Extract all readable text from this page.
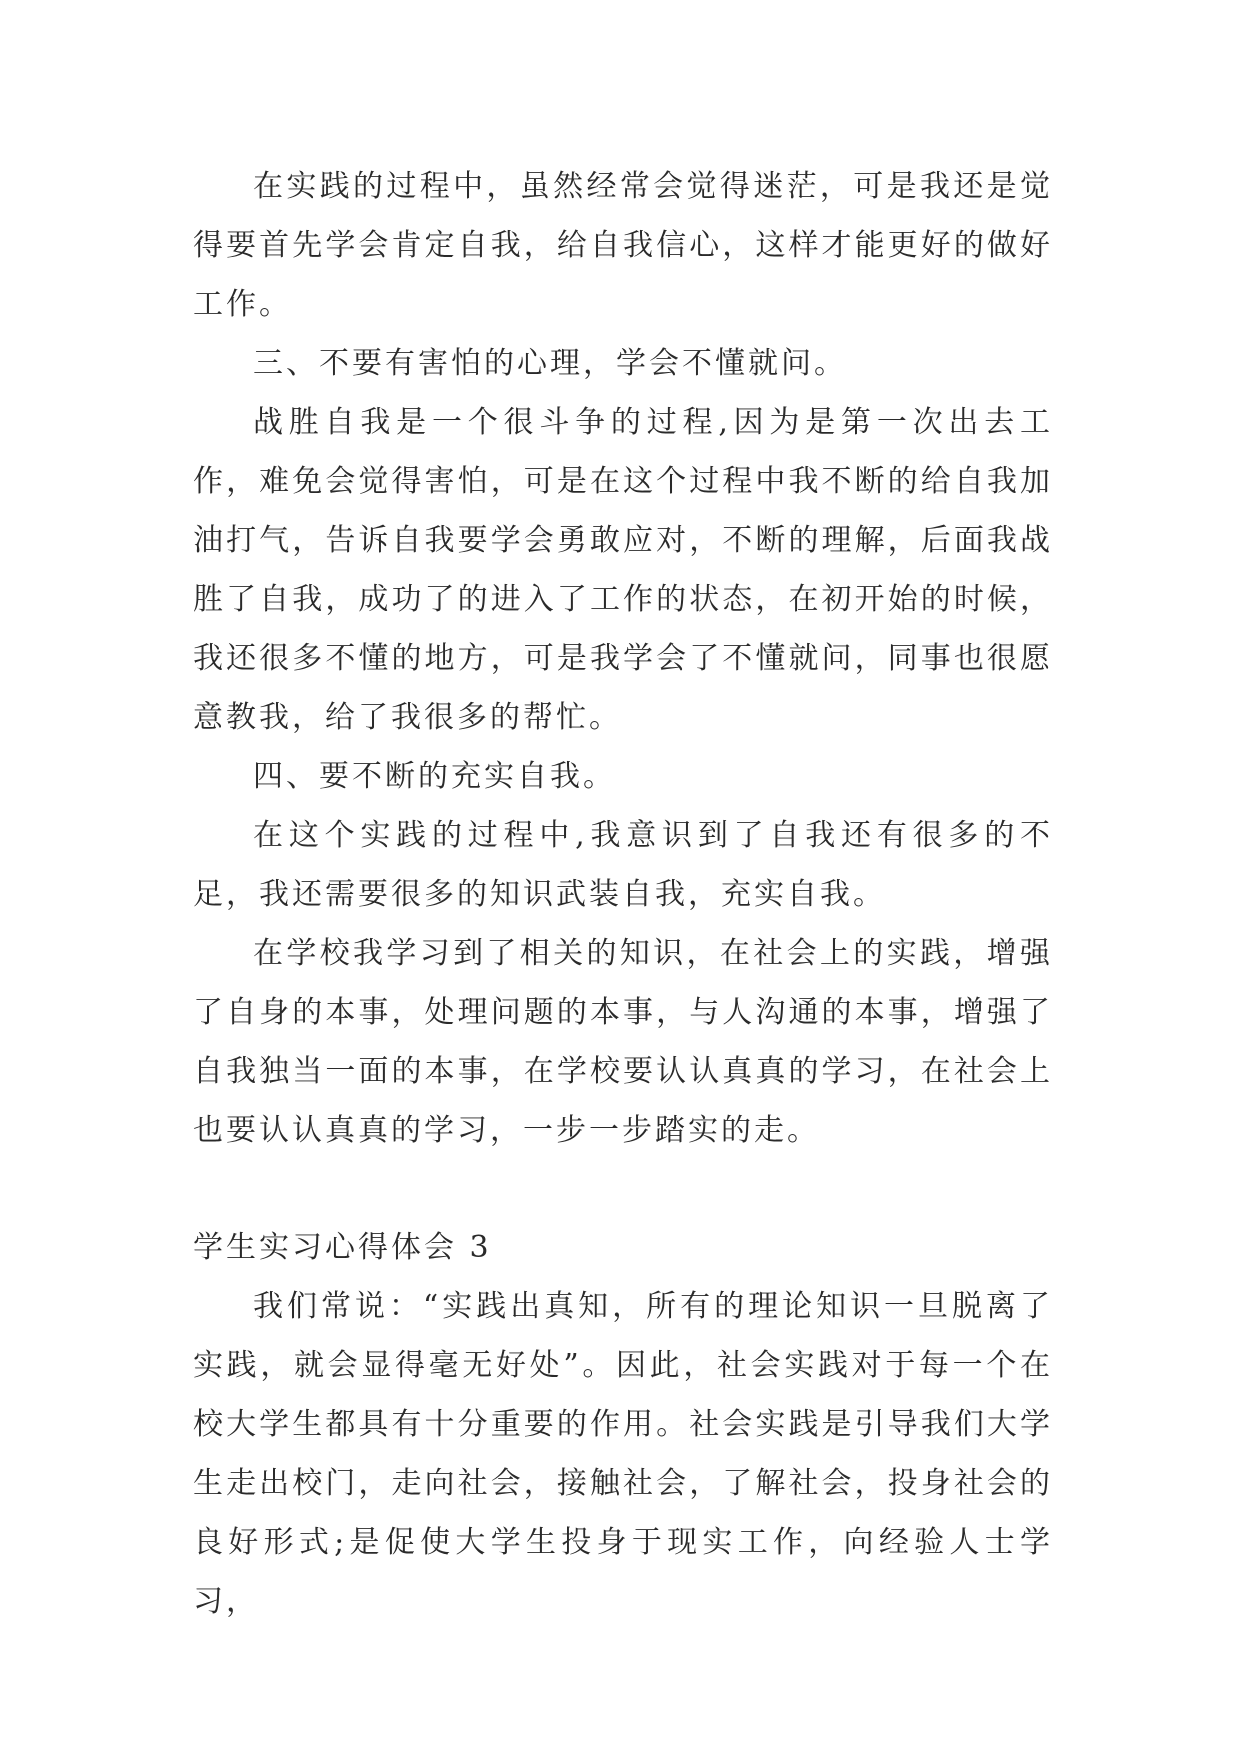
在实践的过程中，虽然经常会觉得迷茫，可是我还是觉得要首先学会肯定自我，给自我信心，这样才能更好的做好工作。

三、不要有害怕的心理，学会不懂就问。

战胜自我是一个很斗争的过程,因为是第一次出去工作，难免会觉得害怕，可是在这个过程中我不断的给自我加油打气，告诉自我要学会勇敢应对，不断的理解，后面我战胜了自我，成功了的进入了工作的状态，在初开始的时候，我还很多不懂的地方，可是我学会了不懂就问，同事也很愿意教我，给了我很多的帮忙。

四、要不断的充实自我。

在这个实践的过程中,我意识到了自我还有很多的不足，我还需要很多的知识武装自我，充实自我。

在学校我学习到了相关的知识，在社会上的实践，增强了自身的本事，处理问题的本事，与人沟通的本事，增强了自我独当一面的本事，在学校要认认真真的学习，在社会上也要认认真真的学习，一步一步踏实的走。

学生实习心得体会 3

我们常说：“实践出真知，所有的理论知识一旦脱离了实践，就会显得毫无好处”。因此，社会实践对于每一个在校大学生都具有十分重要的作用。社会实践是引导我们大学生走出校门，走向社会，接触社会，了解社会，投身社会的良好形式;是促使大学生投身于现实工作，向经验人士学习，
